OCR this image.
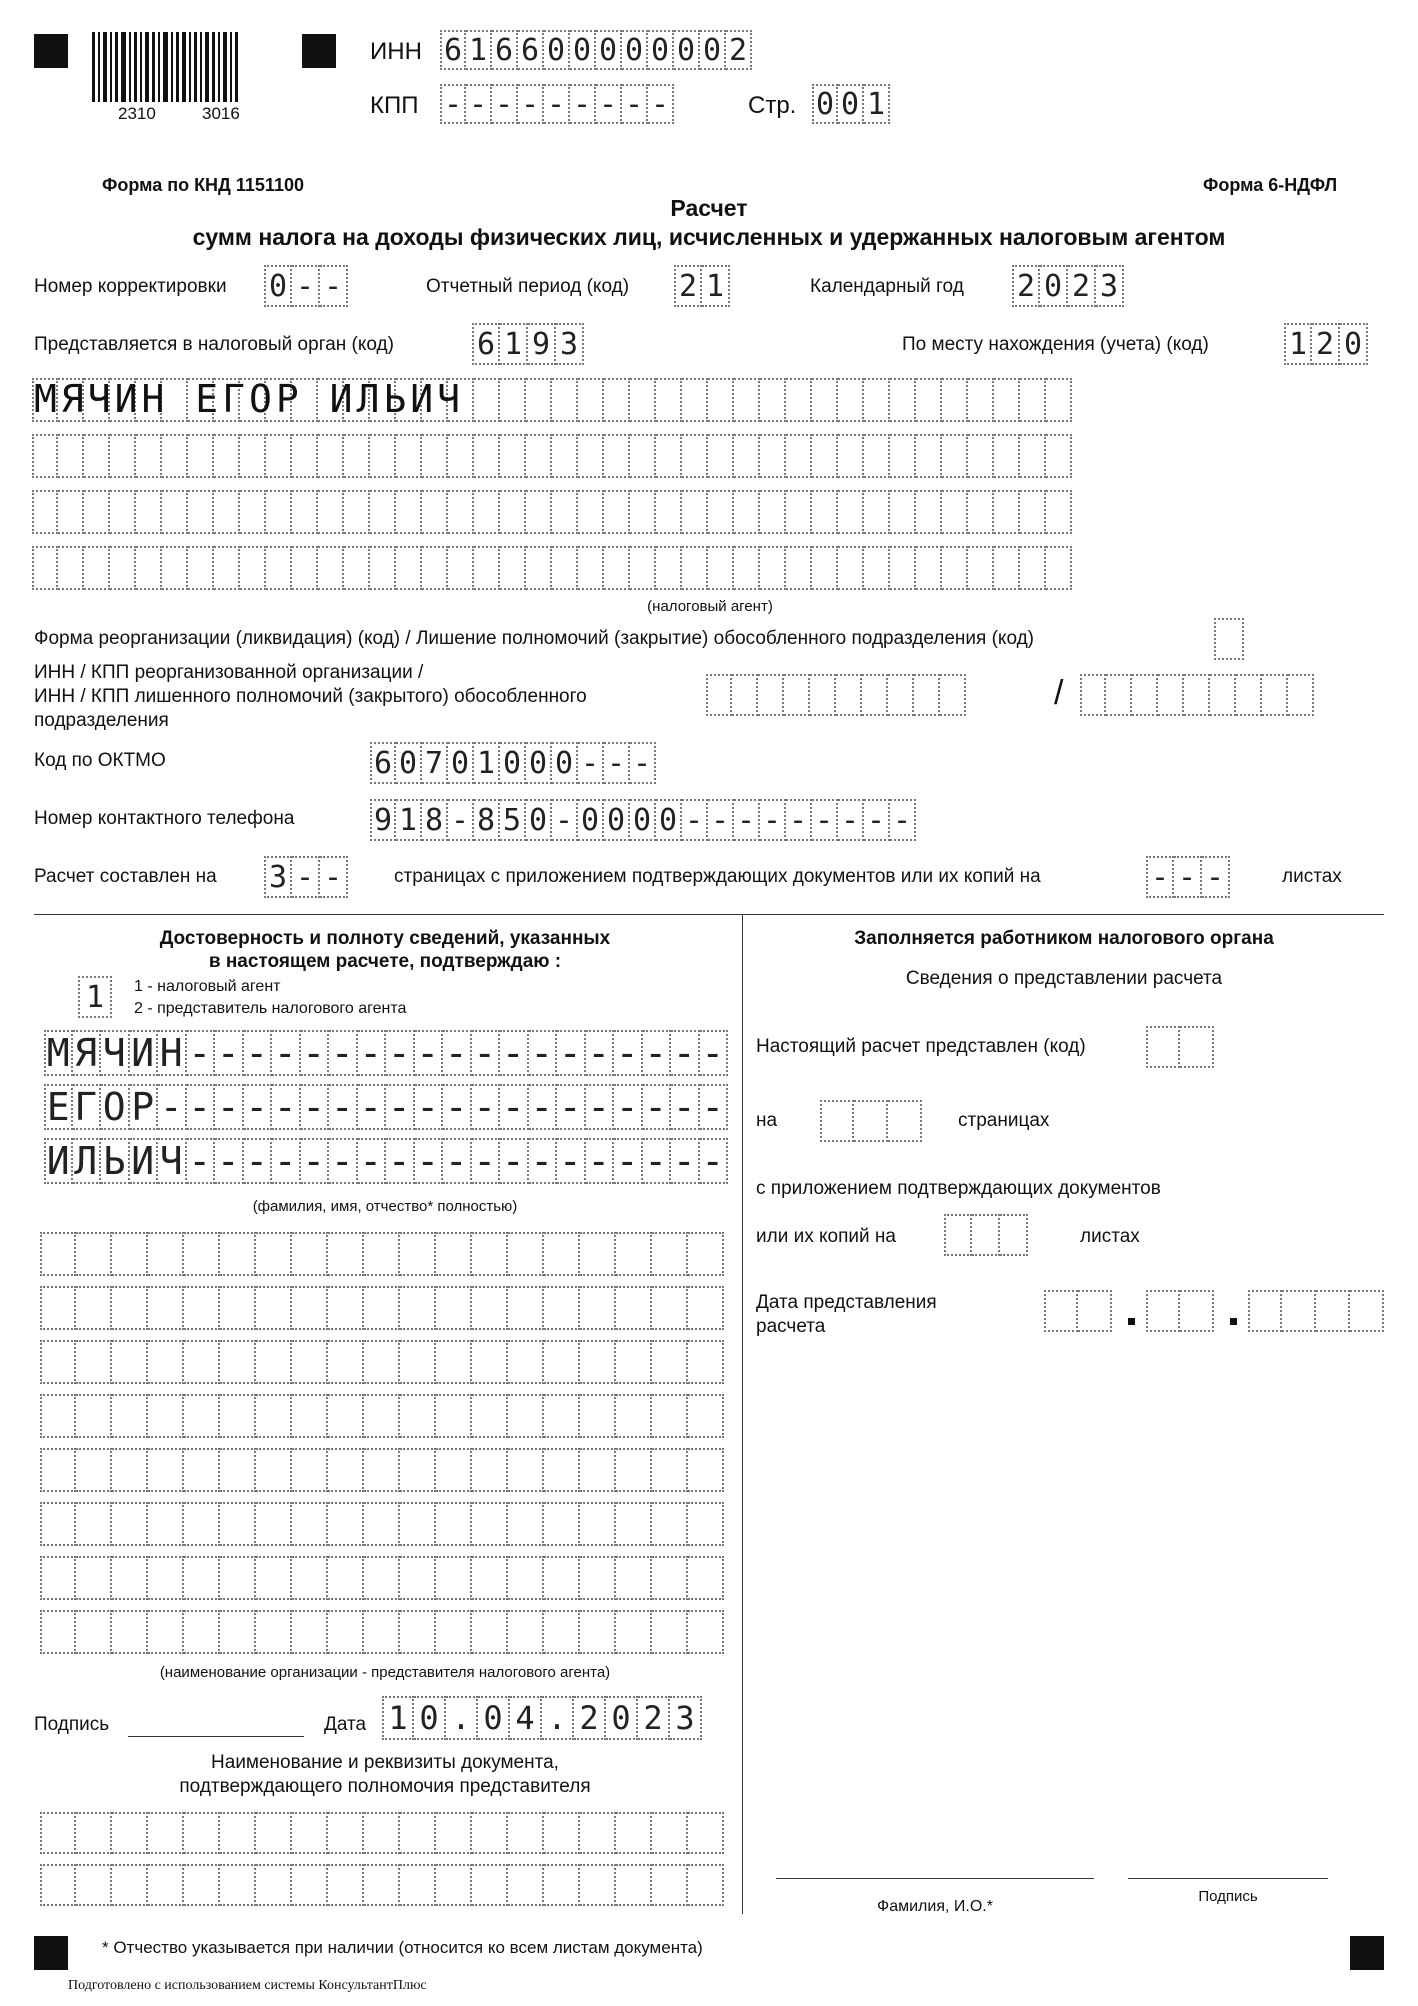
2310	3016
ИНН 6 1 6 6 0 0 0 0 0 0 0 2
КПП - - - - - - - - -	Стр. 0 0 1
Форма по КНД 1151100	Форма 6-НДФЛ
Расчет
сумм налога на доходы физических лиц, исчисленных и удержанных налоговым агентом
Номер корректировки 0 - -	Отчетный период (код) 2 1	Календарный год 2 0 2 3
Представляется в налоговый орган (код)	6 1 9 3	По месту нахождения (учета) (код)	1 2 0
МЯЧИН ЕГОР ИЛЬИЧ
(налоговый агент)
Форма реорганизации (ликвидация) (код) / Лишение полномочий (закрытие) обособленного подразделения (код)
ИНН / КПП реорганизованной организации /
ИНН / КПП лишенного полномочий (закрытого) обособленного
подразделения
/
Код по ОКТМО	6 0 7 0 1 0 0 0 - - -
Номер контактного телефона	9 1 8 - 8 5 0 - 0 0 0 0 - - - - - - - - -
Расчет составлен на 3 - -	страницах с приложением подтверждающих документов или их копий на	- - -	листах
Достоверность и полноту сведений, указанных
в настоящем расчете, подтверждаю :
1	1 - налоговый агент
2 - представитель налогового агента
М Я Ч И Н - - - - - - - - - - - - - - - - - - -
Е Г О Р - - - - - - - - - - - - - - - - - - - -
И Л Ь И Ч - - - - - - - - - - - - - - - - - - -
(фамилия, имя, отчество* полностью)
(наименование организации - представителя налогового агента)
Подпись	Дата 1 0 . 0 4 . 2 0 2 3
Наименование и реквизиты документа,
подтверждающего полномочия представителя
Заполняется работником налогового органа
Сведения о представлении расчета
Настоящий расчет представлен (код)
на	страницах
с приложением подтверждающих документов
или их копий на	листах
Дата представления
расчета
Фамилия, И.О.*
Подпись
* Отчество указывается при наличии (относится ко всем листам документа)
Подготовлено с использованием системы КонсультантПлюс
